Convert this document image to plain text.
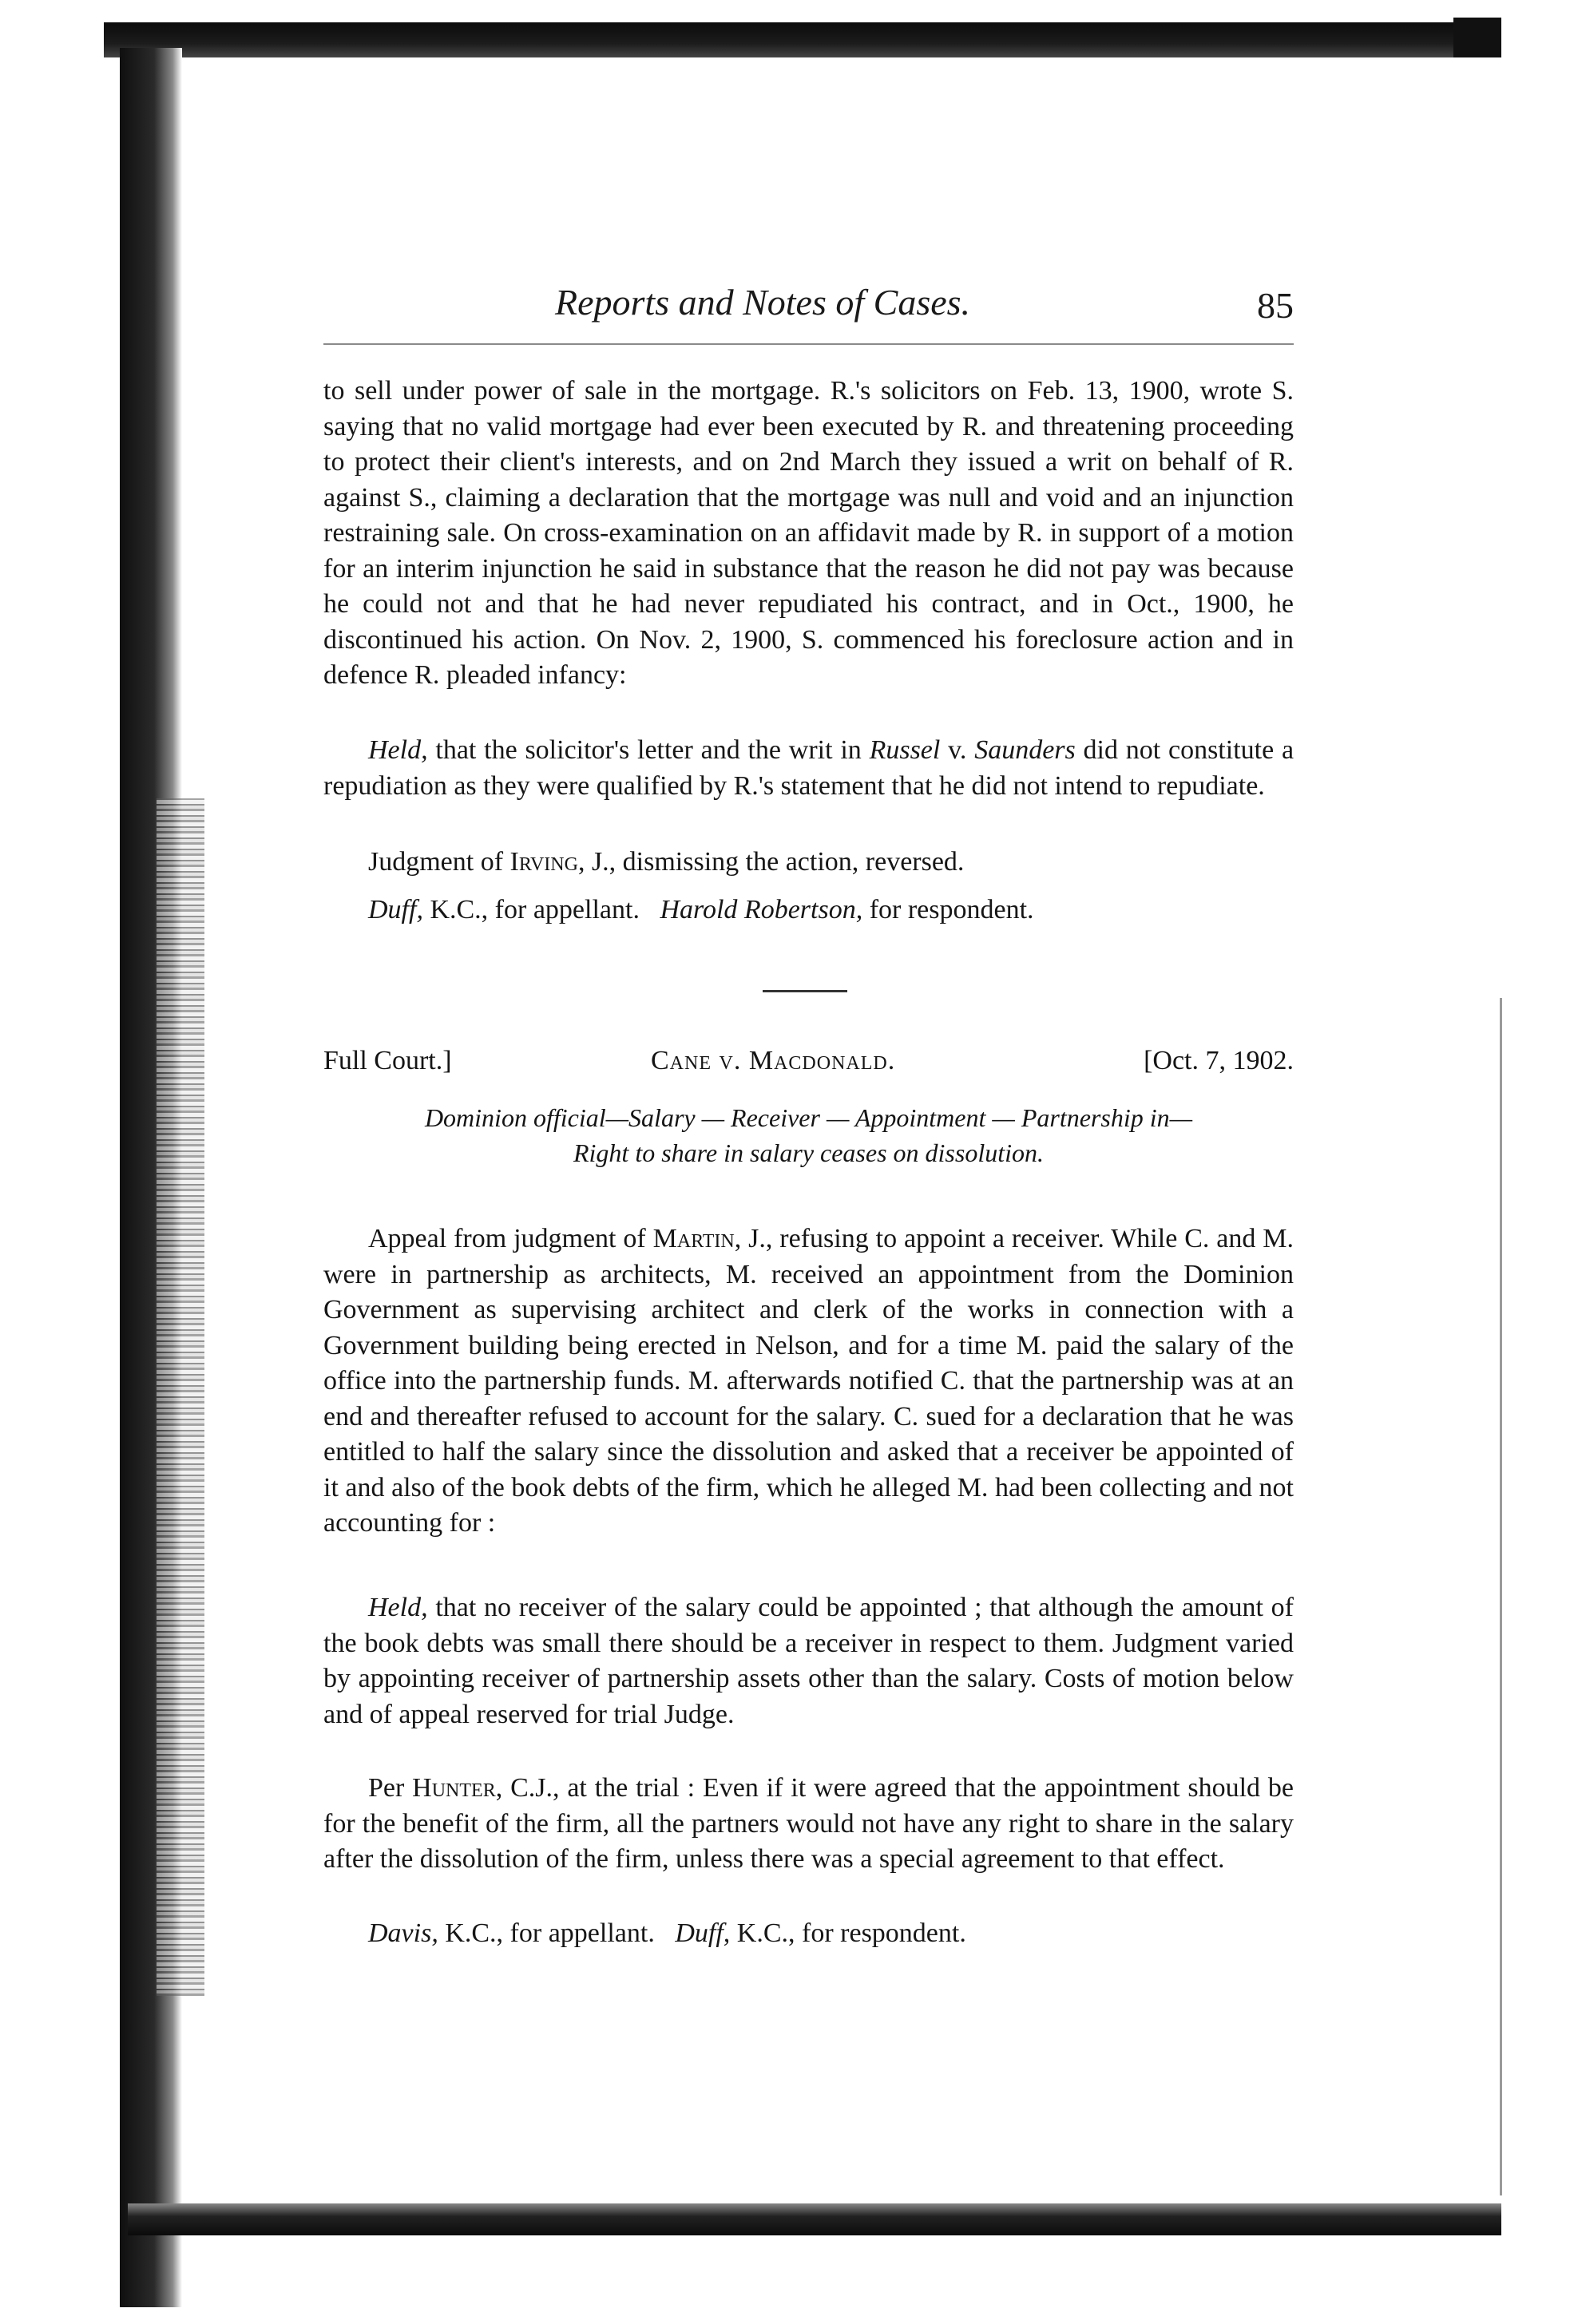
Reports and Notes of Cases.	85

to sell under power of sale in the mortgage. R.'s solicitors on Feb. 13, 1900, wrote S. saying that no valid mortgage had ever been executed by R. and threatening proceeding to protect their client's interests, and on 2nd March they issued a writ on behalf of R. against S., claiming a declaration that the mortgage was null and void and an injunction restraining sale. On cross-examination on an affidavit made by R. in support of a motion for an interim injunction he said in substance that the reason he did not pay was because he could not and that he had never repudiated his contract, and in Oct., 1900, he discontinued his action. On Nov. 2, 1900, S. commenced his foreclosure action and in defence R. pleaded infancy:

Held, that the solicitor's letter and the writ in Russel v. Saunders did not constitute a repudiation as they were qualified by R.'s statement that he did not intend to repudiate.

Judgment of Irving, J., dismissing the action, reversed.

Duff, K.C., for appellant. Harold Robertson, for respondent.

Full Court.]	Cane v. Macdonald.	[Oct. 7, 1902.
Dominion official—Salary — Receiver — Appointment — Partnership in—
Right to share in salary ceases on dissolution.

Appeal from judgment of Martin, J., refusing to appoint a receiver. While C. and M. were in partnership as architects, M. received an appointment from the Dominion Government as supervising architect and clerk of the works in connection with a Government building being erected in Nelson, and for a time M. paid the salary of the office into the partnership funds. M. afterwards notified C. that the partnership was at an end and thereafter refused to account for the salary. C. sued for a declaration that he was entitled to half the salary since the dissolution and asked that a receiver be appointed of it and also of the book debts of the firm, which he alleged M. had been collecting and not accounting for :

Held, that no receiver of the salary could be appointed ; that although the amount of the book debts was small there should be a receiver in respect to them. Judgment varied by appointing receiver of partnership assets other than the salary. Costs of motion below and of appeal reserved for trial Judge.

Per Hunter, C.J., at the trial : Even if it were agreed that the appointment should be for the benefit of the firm, all the partners would not have any right to share in the salary after the dissolution of the firm, unless there was a special agreement to that effect.

Davis, K.C., for appellant. Duff, K.C., for respondent.
